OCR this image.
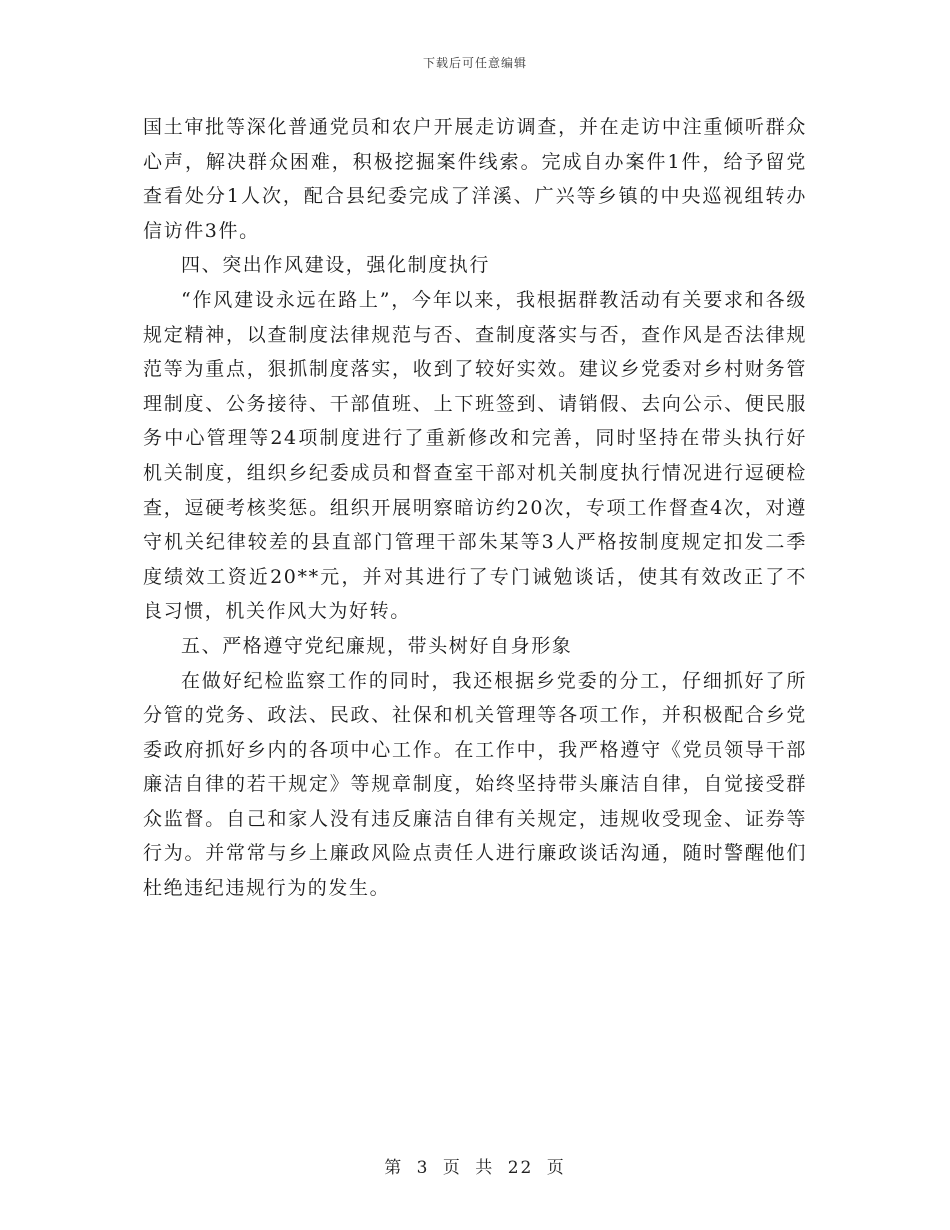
下载后可任意编辑

国土审批等深化普通党员和农户开展走访调查，并在走访中注重倾听群众心声，解决群众困难，积极挖掘案件线索。完成自办案件1件，给予留党查看处分1人次，配合县纪委完成了洋溪、广兴等乡镇的中央巡视组转办信访件3件。

四、突出作风建设，强化制度执行

“作风建设永远在路上”，今年以来，我根据群教活动有关要求和各级规定精神，以查制度法律规范与否、查制度落实与否，查作风是否法律规范等为重点，狠抓制度落实，收到了较好实效。建议乡党委对乡村财务管理制度、公务接待、干部值班、上下班签到、请销假、去向公示、便民服务中心管理等24项制度进行了重新修改和完善，同时坚持在带头执行好机关制度，组织乡纪委成员和督查室干部对机关制度执行情况进行逗硬检查，逗硬考核奖惩。组织开展明察暗访约20次，专项工作督查4次，对遵守机关纪律较差的县直部门管理干部朱某等3人严格按制度规定扣发二季度绩效工资近20**元，并对其进行了专门诫勉谈话，使其有效改正了不良习惯，机关作风大为好转。

五、严格遵守党纪廉规，带头树好自身形象

在做好纪检监察工作的同时，我还根据乡党委的分工，仔细抓好了所分管的党务、政法、民政、社保和机关管理等各项工作，并积极配合乡党委政府抓好乡内的各项中心工作。在工作中，我严格遵守《党员领导干部廉洁自律的若干规定》等规章制度，始终坚持带头廉洁自律，自觉接受群众监督。自己和家人没有违反廉洁自律有关规定，违规收受现金、证券等行为。并常常与乡上廉政风险点责任人进行廉政谈话沟通，随时警醒他们杜绝违纪违规行为的发生。

第 3 页 共 22 页
